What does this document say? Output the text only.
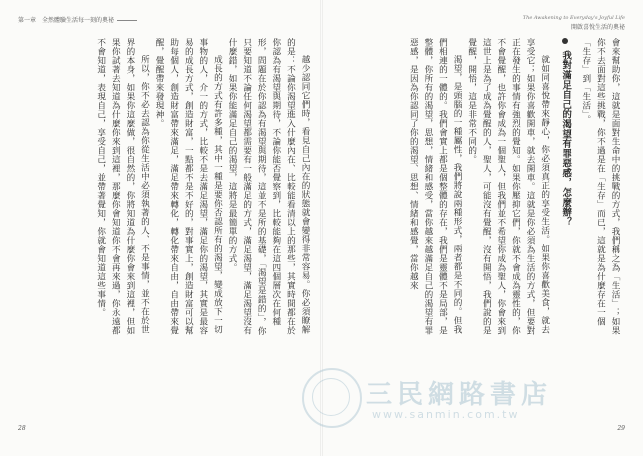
第一章　全然體驗生活每一刻的奧祕
28
The Awakening to Everyday's Joyful Life
開啟喜悅生活的奧祕
29

會來幫助你，這就是面對生命中的挑戰的方式，我們稱之為「生活」；如果你不去面對這些挑戰，你不過是在「生存」而已，這就是為什麼存在一個「生存」到「生活」。

我對滿足自己的渴望有罪惡感，怎麼辦？

就如同喜悅帶來靜心，你必須真正的享受生活。如果你喜歡美食，就去享受它；如果你喜歡開車，就去開車。這就是你必須為生活的方式，但要對正在發生的事情有強烈的覺知。如果你壓抑它們，你就不會成為靈性的，你不會覺醒，也許你會成為一個聖人，但我們並不希望你成為聖人，你會來到這世上是為了成為覺醒的人，聖人，可能沒有覺醒，沒有開悟，我們說的是覺醒，開悟，這是非常不同的。

渴望，是頭腦的一種屬性，我們將說兩種形式，兩者都是不同的。但我們相連的一體的。我們會實上都是個整體的存在，我們是靈體不是局部，是整體，你所有的渴望，思想，情緒和感受，當你越來越滿足自己的渴望有罪惡感，是因為你認同了你的渴望、思想、情緒和感覺，當你越來

越少認同它們時，看見自己內在的狀態就會變得非常容易。你必須瞭解的是：不論你渴望進入什麼內在、比較能看清以上的那些，其實時間都在於你認為有渴望與期待，不論你能否覺察到，比較能夠在這四個層次在何種形，問題在於你認為有渴望與期待，這並不是所的基礎，「渴望是錯的」，你只要知道不論任何渴望都需要有一般滿足的方式，滿足渴望，滿足渴望沒有什麼錯，如果你能滿足自己的渴望，這將是最簡單的方式。

成長的方式有許多種，其中一種是要你否認所有的渴望，變成放下一切事物的人，介一的方式，比較不是去滿足渴望，滿足你的渴望，其實是最容易的成長方式，創造財富，一點都不是不好的，對事實上，創造財富可以幫助每個人，創造財富帶來滿足，滿足帶來轉化，轉化帶來自由，自由帶來覺醒，覺醒帶來發現神。

所以，你不必去認為你從生活中必須執著的人、不是事情，並不在於世界的本身，如果你這麼做，很自然的，你將知道為什麼你會來到這裡，但如果你試著去知道為什麼你來到這裡，那麼你會知道你不會再來過，你永遠都不會知道，表現自己，享受自己，並帶著覺知，你就會知道這些事情。

三民網路書店
www.sanmin.com.tw
